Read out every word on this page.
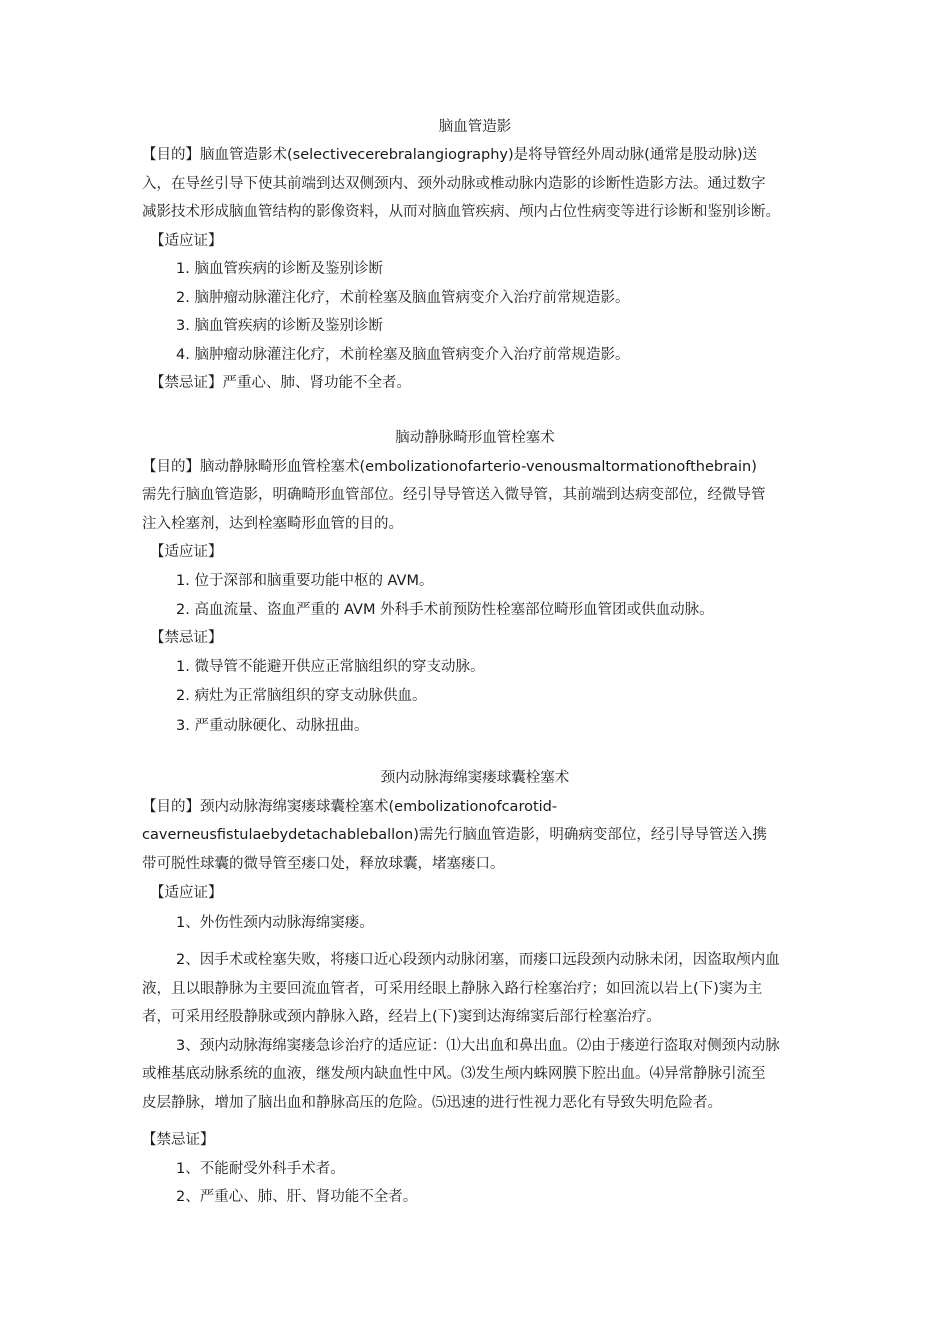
脑血管造影
【目的】脑血管造影术(selectivecerebralangiography)是将导管经外周动脉(通常是股动脉)送
入，在导丝引导下使其前端到达双侧颈内、颈外动脉或椎动脉内造影的诊断性造影方法。通过数字
减影技术形成脑血管结构的影像资料，从而对脑血管疾病、颅内占位性病变等进行诊断和鉴别诊断。
【适应证】
1. 脑血管疾病的诊断及鉴别诊断
2. 脑肿瘤动脉灌注化疗，术前栓塞及脑血管病变介入治疗前常规造影。
3. 脑血管疾病的诊断及鉴别诊断
4. 脑肿瘤动脉灌注化疗，术前栓塞及脑血管病变介入治疗前常规造影。
【禁忌证】严重心、肺、肾功能不全者。
脑动静脉畸形血管栓塞术
【目的】脑动静脉畸形血管栓塞术(embolizationofarterio-venousmaltormationofthebrain)
需先行脑血管造影，明确畸形血管部位。经引导导管送入微导管，其前端到达病变部位，经微导管
注入栓塞剂，达到栓塞畸形血管的目的。
【适应证】
1. 位于深部和脑重要功能中枢的 AVM。
2. 高血流量、盗血严重的 AVM 外科手术前预防性栓塞部位畸形血管团或供血动脉。
【禁忌证】
1. 微导管不能避开供应正常脑组织的穿支动脉。
2. 病灶为正常脑组织的穿支动脉供血。
3. 严重动脉硬化、动脉扭曲。
颈内动脉海绵窦瘘球囊栓塞术
【目的】颈内动脉海绵窦瘘球囊栓塞术(embolizationofcarotid-
caverneusfistulaebydetachableballon)需先行脑血管造影，明确病变部位，经引导导管送入携
带可脱性球囊的微导管至瘘口处，释放球囊，堵塞瘘口。
【适应证】
1、外伤性颈内动脉海绵窦瘘。
2、因手术或栓塞失败，将瘘口近心段颈内动脉闭塞，而瘘口远段颈内动脉未闭，因盗取颅内血
液，且以眼静脉为主要回流血管者，可采用经眼上静脉入路行栓塞治疗；如回流以岩上(下)窦为主
者，可采用经股静脉或颈内静脉入路，经岩上(下)窦到达海绵窦后部行栓塞治疗。
3、颈内动脉海绵窦瘘急诊治疗的适应证：⑴大出血和鼻出血。⑵由于瘘逆行盗取对侧颈内动脉
或椎基底动脉系统的血液，继发颅内缺血性中风。⑶发生颅内蛛网膜下腔出血。⑷异常静脉引流至
皮层静脉，增加了脑出血和静脉高压的危险。⑸迅速的进行性视力恶化有导致失明危险者。
【禁忌证】
1、不能耐受外科手术者。
2、严重心、肺、肝、肾功能不全者。
